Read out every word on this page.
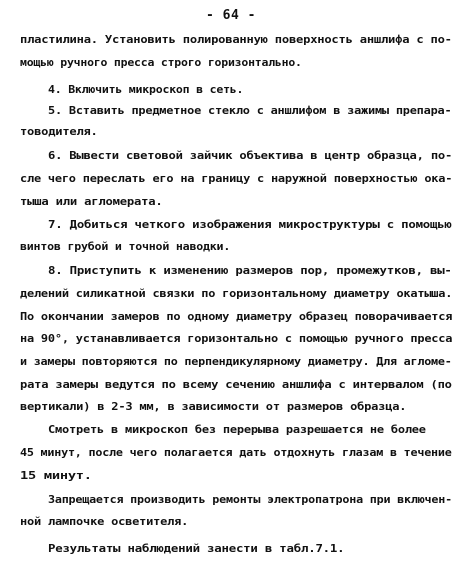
- 64 -
пластилина. Установить полированную поверхность аншлифа с по-
мощью ручного пресса строго горизонтально.
4. Включить микроскоп в сеть.
5. Вставить предметное стекло с аншлифом в зажимы препара-
товодителя.
6. Вывести световой зайчик объектива в центр образца, по-
сле чего переслать его на границу с наружной поверхностью ока-
тыша или агломерата.
7. Добиться четкого изображения микроструктуры с помощью
винтов грубой и точной наводки.
8. Приступить к изменению размеров пор, промежутков, вы-
делений силикатной связки по горизонтальному диаметру окатыша.
По окончании замеров по одному диаметру образец поворачивается
на 90°, устанавливается горизонтально с помощью ручного пресса
и замеры повторяются по перпендикулярному диаметру. Для агломе-
рата замеры ведутся по всему сечению аншлифа с интервалом (по
вертикали) в 2-3 мм, в зависимости от размеров образца.
Смотреть в микроскоп без перерыва разрешается не более
45 минут, после чего полагается дать отдохнуть глазам в течение
15 минут.
Запрещается производить ремонты электропатрона при включен-
ной лампочке осветителя.
Результаты наблюдений занести в табл.7.1.
